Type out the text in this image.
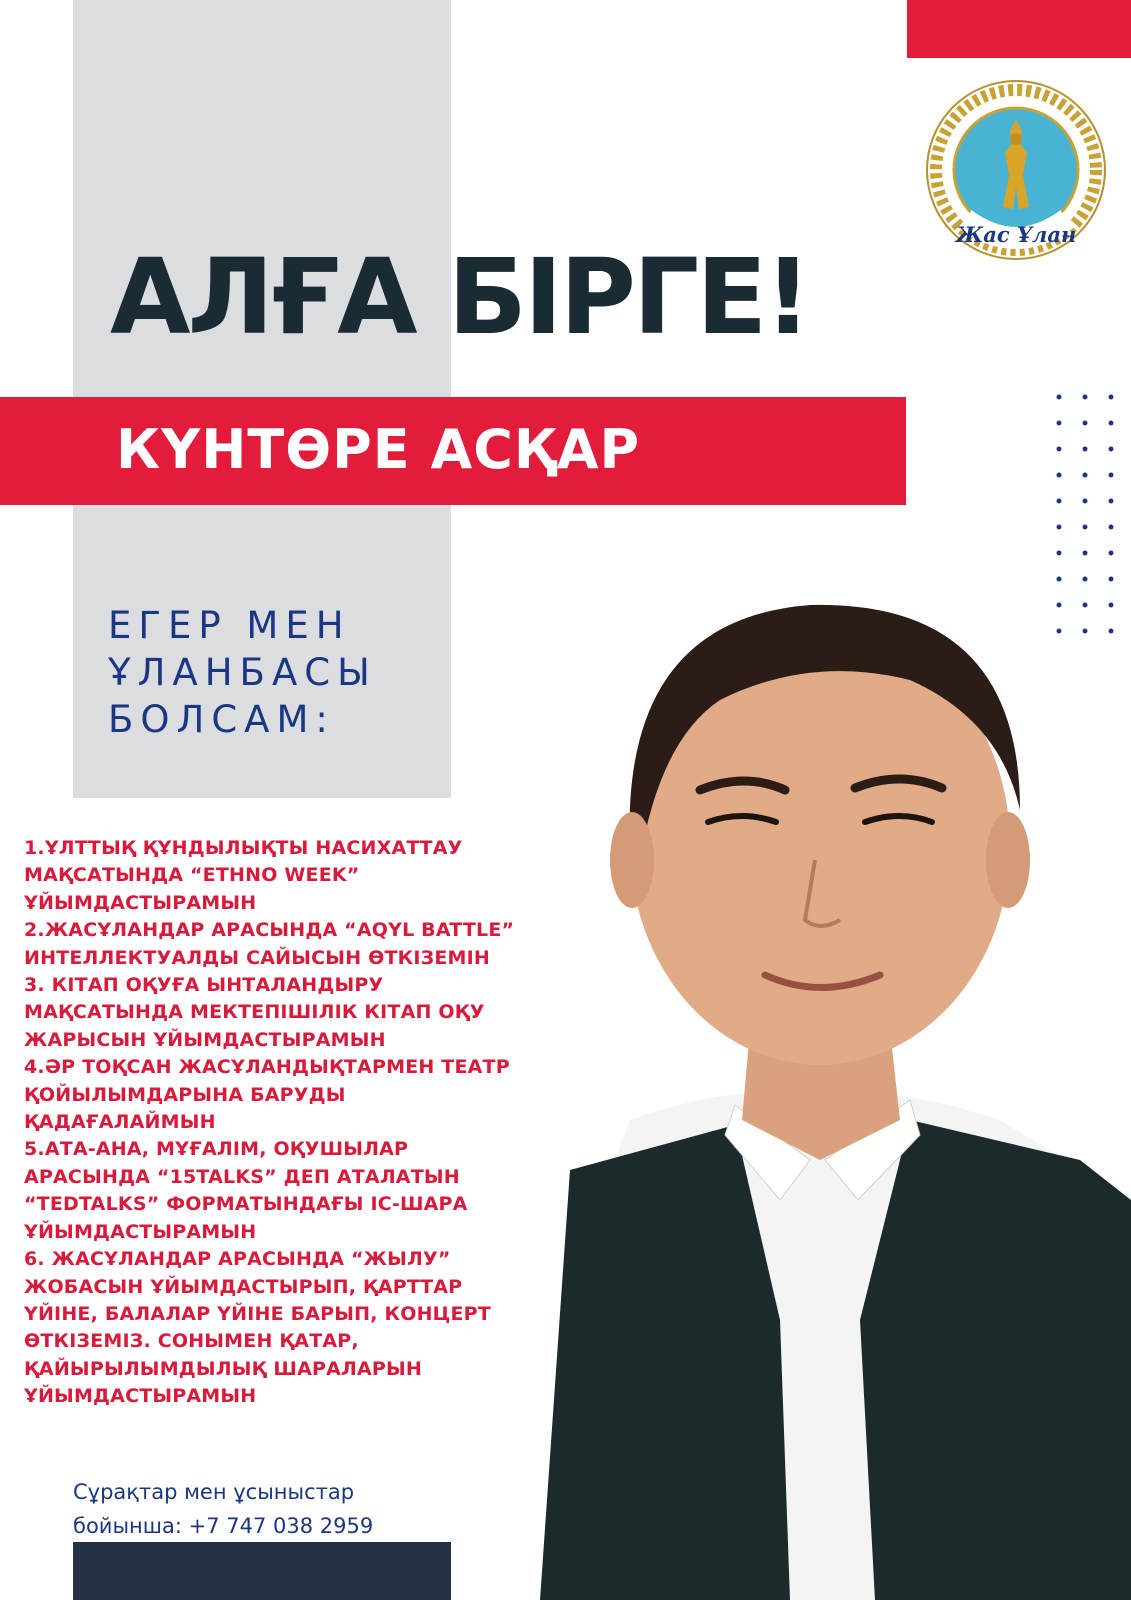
Жас Ұлан
АЛҒА БІРГЕ!
КҮНТӨРЕ АСҚАР
ЕГЕР МЕН
ҰЛАНБАСЫ
БОЛСАМ:

1.ҰЛТТЫҚ ҚҰНДЫЛЫҚТЫ НАСИХАТТАУ МАҚСАТЫНДА “ETHNO WEEK” ҰЙЫМДАСТЫРАМЫН

2.ЖАСҰЛАНДАР АРАСЫНДА “AQYL BATTLE” ИНТЕЛЛЕКТУАЛДЫ САЙЫСЫН ӨТКІЗЕМІН

3. КІТАП ОҚУҒА ЫНТАЛАНДЫРУ МАҚСАТЫНДА МЕКТЕПІШІЛІК КІТАП ОҚУ ЖАРЫСЫН ҰЙЫМДАСТЫРАМЫН

4.ӘР ТОҚСАН ЖАСҰЛАНДЫҚТАРМЕН ТЕАТР ҚОЙЫЛЫМДАРЫНА БАРУДЫ ҚАДАҒАЛАЙМЫН

5.АТА-АНА, МҰҒАЛІМ, ОҚУШЫЛАР АРАСЫНДА “15TALKS” ДЕП АТАЛАТЫН “TEDTALKS” ФОРМАТЫНДАҒЫ ІС-ШАРА ҰЙЫМДАСТЫРАМЫН

6. ЖАСҰЛАНДАР АРАСЫНДА “ЖЫЛУ” ЖОБАСЫН ҰЙЫМДАСТЫРЫП, ҚАРТТАР ҮЙІНЕ, БАЛАЛАР ҮЙІНЕ БАРЫП, КОНЦЕРТ ӨТКІЗЕМІЗ. СОНЫМЕН ҚАТАР, ҚАЙЫРЫЛЫМДЫЛЫҚ ШАРАЛАРЫН ҰЙЫМДАСТЫРАМЫН

Сұрақтар мен ұсыныстар
бойынша: +7 747 038 2959
